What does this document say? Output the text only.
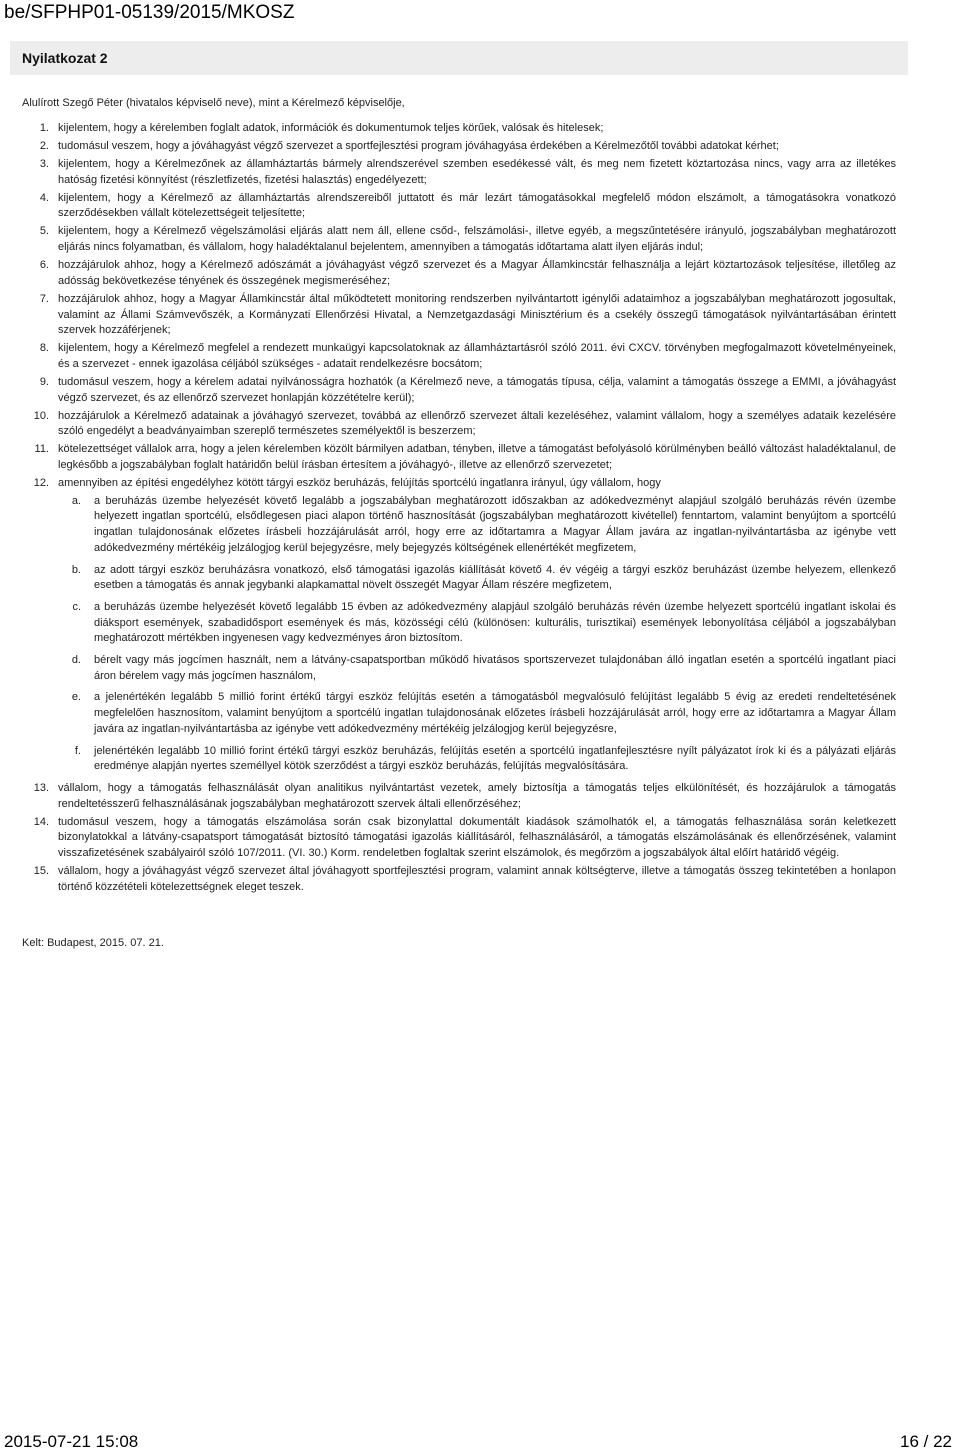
be/SFPHP01-05139/2015/MKOSZ
Nyilatkozat 2
Alulírott Szegő Péter (hivatalos képviselő neve), mint a Kérelmező képviselője,
1. kijelentem, hogy a kérelemben foglalt adatok, információk és dokumentumok teljes körűek, valósak és hitelesek;
2. tudomásul veszem, hogy a jóváhagyást végző szervezet a sportfejlesztési program jóváhagyása érdekében a Kérelmezőtől további adatokat kérhet;
3. kijelentem, hogy a Kérelmezőnek az államháztartás bármely alrendszerével szemben esedékessé vált, és meg nem fizetett köztartozása nincs, vagy arra az illetékes hatóság fizetési könnyítést (részletfizetés, fizetési halasztás) engedélyezett;
4. kijelentem, hogy a Kérelmező az államháztartás alrendszereiből juttatott és már lezárt támogatásokkal megfelelő módon elszámolt, a támogatásokra vonatkozó szerződésekben vállalt kötelezettségeit teljesítette;
5. kijelentem, hogy a Kérelmező végelszámolási eljárás alatt nem áll, ellene csőd-, felszámolási-, illetve egyéb, a megszűntetésére irányuló, jogszabályban meghatározott eljárás nincs folyamatban, és vállalom, hogy haladéktalanul bejelentem, amennyiben a támogatás időtartama alatt ilyen eljárás indul;
6. hozzájárulok ahhoz, hogy a Kérelmező adószámát a jóváhagyást végző szervezet és a Magyar Államkincstár felhasználja a lejárt köztartozások teljesítése, illetőleg az adósság bekövetkezése tényének és összegének megismeréséhez;
7. hozzájárulok ahhoz, hogy a Magyar Államkincstár által működtetett monitoring rendszerben nyilvántartott igénylői adataimhoz a jogszabályban meghatározott jogosultak, valamint az Állami Számvevőszék, a Kormányzati Ellenőrzési Hivatal, a Nemzetgazdasági Minisztérium és a csekély összegű támogatások nyilvántartásában érintett szervek hozzáférjenek;
8. kijelentem, hogy a Kérelmező megfelel a rendezett munkaügyi kapcsolatoknak az államháztartásról szóló 2011. évi CXCV. törvényben megfogalmazott követelményeinek, és a szervezet - ennek igazolása céljából szükséges - adatait rendelkezésre bocsátom;
9. tudomásul veszem, hogy a kérelem adatai nyilvánosságra hozhatók (a Kérelmező neve, a támogatás típusa, célja, valamint a támogatás összege a EMMI, a jóváhagyást végző szervezet, és az ellenőrző szervezet honlapján közzétételre kerül);
10. hozzájárulok a Kérelmező adatainak a jóváhagyó szervezet, továbbá az ellenőrző szervezet általi kezeléséhez, valamint vállalom, hogy a személyes adataik kezelésére szóló engedélyt a beadványaimban szereplő természetes személyektől is beszerzem;
11. kötelezettséget vállalok arra, hogy a jelen kérelemben közölt bármilyen adatban, tényben, illetve a támogatást befolyásoló körülményben beálló változást haladéktalanul, de legkésőbb a jogszabályban foglalt határidőn belül írásban értesítem a jóváhagyó-, illetve az ellenőrző szervezetet;
12. amennyiben az építési engedélyhez kötött tárgyi eszköz beruházás, felújítás sportcélú ingatlanra irányul, úgy vállalom, hogy
a. a beruházás üzembe helyezését követő legalább a jogszabályban meghatározott időszakban az adókedvezményt alapjául szolgáló beruházás révén üzembe helyezett ingatlan sportcélú, elsődlegesen piaci alapon történő hasznosítását (jogszabályban meghatározott kivétellel) fenntartom, valamint benyújtom a sportcélú ingatlan tulajdonosának előzetes írásbeli hozzájárulását arról, hogy erre az időtartamra a Magyar Állam javára az ingatlan-nyilvántartásba az igénybe vett adókedvezmény mértékéig jelzálogjog kerül bejegyzésre, mely bejegyzés költségének ellenértékét megfizetem,
b. az adott tárgyi eszköz beruházásra vonatkozó, első támogatási igazolás kiállítását követő 4. év végéig a tárgyi eszköz beruházást üzembe helyezem, ellenkező esetben a támogatás és annak jegybanki alapkamattal növelt összegét Magyar Állam részére megfizetem,
c. a beruházás üzembe helyezését követő legalább 15 évben az adókedvezmény alapjául szolgáló beruházás révén üzembe helyezett sportcélú ingatlant iskolai és diáksport események, szabadidősport események és más, közösségi célú (különösen: kulturális, turisztikai) események lebonyolítása céljából a jogszabályban meghatározott mértékben ingyenesen vagy kedvezményes áron biztosítom.
d. bérelt vagy más jogcímen használt, nem a látvány-csapatsportban működő hivatásos sportszervezet tulajdonában álló ingatlan esetén a sportcélú ingatlant piaci áron bérelem vagy más jogcímen használom,
e. a jelenértékén legalább 5 millió forint értékű tárgyi eszköz felújítás esetén a támogatásból megvalósuló felújítást legalább 5 évig az eredeti rendeltetésének megfelelően hasznosítom, valamint benyújtom a sportcélú ingatlan tulajdonosának előzetes írásbeli hozzájárulását arról, hogy erre az időtartamra a Magyar Állam javára az ingatlan-nyilvántartásba az igénybe vett adókedvezmény mértékéig jelzálogjog kerül bejegyzésre,
f. jelenértékén legalább 10 millió forint értékű tárgyi eszköz beruházás, felújítás esetén a sportcélú ingatlanfejlesztésre nyílt pályázatot írok ki és a pályázati eljárás eredménye alapján nyertes személlyel kötök szerződést a tárgyi eszköz beruházás, felújítás megvalósítására.
13. vállalom, hogy a támogatás felhasználását olyan analitikus nyilvántartást vezetek, amely biztosítja a támogatás teljes elkülönítését, és hozzájárulok a támogatás rendeltetésszerű felhasználásának jogszabályban meghatározott szervek általi ellenőrzéséhez;
14. tudomásul veszem, hogy a támogatás elszámolása során csak bizonylattal dokumentált kiadások számolhatók el, a támogatás felhasználása során keletkezett bizonylatokkal a látvány-csapatsport támogatását biztosító támogatási igazolás kiállításáról, felhasználásáról, a támogatás elszámolásának és ellenőrzésének, valamint visszafizetésének szabályairól szóló 107/2011. (VI. 30.) Korm. rendeletben foglaltak szerint elszámolok, és megőrzöm a jogszabályok által előírt határidő végéig.
15. vállalom, hogy a jóváhagyást végző szervezet által jóváhagyott sportfejlesztési program, valamint annak költségterve, illetve a támogatás összeg tekintetében a honlapon történő közzétételi kötelezettségnek eleget teszek.
Kelt: Budapest, 2015. 07. 21.
2015-07-21 15:08	16 / 22
